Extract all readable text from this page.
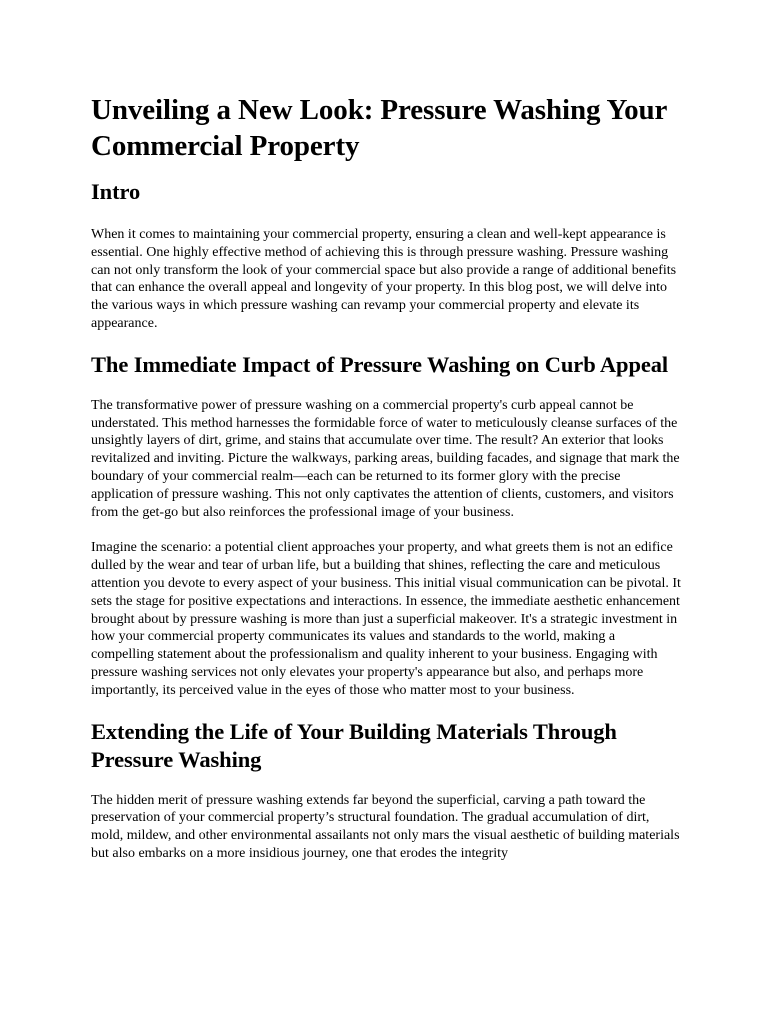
Unveiling a New Look: Pressure Washing Your Commercial Property
Intro

When it comes to maintaining your commercial property, ensuring a clean and well-kept appearance is essential. One highly effective method of achieving this is through pressure washing. Pressure washing can not only transform the look of your commercial space but also provide a range of additional benefits that can enhance the overall appeal and longevity of your property. In this blog post, we will delve into the various ways in which pressure washing can revamp your commercial property and elevate its appearance.

The Immediate Impact of Pressure Washing on Curb Appeal

The transformative power of pressure washing on a commercial property's curb appeal cannot be understated. This method harnesses the formidable force of water to meticulously cleanse surfaces of the unsightly layers of dirt, grime, and stains that accumulate over time. The result? An exterior that looks revitalized and inviting. Picture the walkways, parking areas, building facades, and signage that mark the boundary of your commercial realm—each can be returned to its former glory with the precise application of pressure washing. This not only captivates the attention of clients, customers, and visitors from the get-go but also reinforces the professional image of your business.

Imagine the scenario: a potential client approaches your property, and what greets them is not an edifice dulled by the wear and tear of urban life, but a building that shines, reflecting the care and meticulous attention you devote to every aspect of your business. This initial visual communication can be pivotal. It sets the stage for positive expectations and interactions. In essence, the immediate aesthetic enhancement brought about by pressure washing is more than just a superficial makeover. It's a strategic investment in how your commercial property communicates its values and standards to the world, making a compelling statement about the professionalism and quality inherent to your business. Engaging with pressure washing services not only elevates your property's appearance but also, and perhaps more importantly, its perceived value in the eyes of those who matter most to your business.

Extending the Life of Your Building Materials Through Pressure Washing

The hidden merit of pressure washing extends far beyond the superficial, carving a path toward the preservation of your commercial property’s structural foundation. The gradual accumulation of dirt, mold, mildew, and other environmental assailants not only mars the visual aesthetic of building materials but also embarks on a more insidious journey, one that erodes the integrity
